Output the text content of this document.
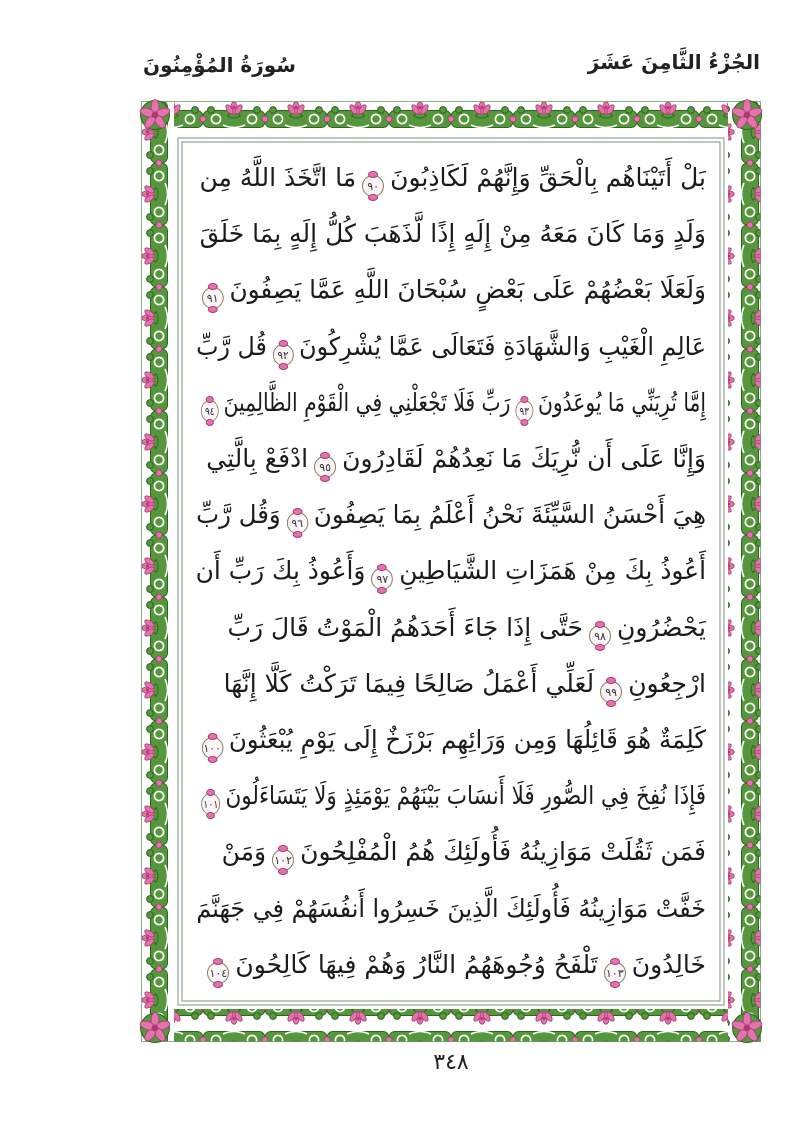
الجُزْءُ الثَّامِنَ عَشَرَ
سُورَةُ المُؤْمِنُونَ
بَلْ أَتَيْنَاهُم بِالْحَقِّ وَإِنَّهُمْ لَكَاذِبُونَ٩٠مَا اتَّخَذَ اللَّهُ مِن
وَلَدٍ وَمَا كَانَ مَعَهُ مِنْ إِلَهٍ إِذًا لَّذَهَبَ كُلُّ إِلَهٍ بِمَا خَلَقَ
وَلَعَلَا بَعْضُهُمْ عَلَى بَعْضٍ سُبْحَانَ اللَّهِ عَمَّا يَصِفُونَ٩١
عَالِمِ الْغَيْبِ وَالشَّهَادَةِ فَتَعَالَى عَمَّا يُشْرِكُونَ٩٢قُل رَّبِّ
إِمَّا تُرِيَنِّي مَا يُوعَدُونَ٩٣رَبِّ فَلَا تَجْعَلْنِي فِي الْقَوْمِ الظَّالِمِينَ٩٤
وَإِنَّا عَلَى أَن نُّرِيَكَ مَا نَعِدُهُمْ لَقَادِرُونَ٩٥ادْفَعْ بِالَّتِي
هِيَ أَحْسَنُ السَّيِّئَةَ نَحْنُ أَعْلَمُ بِمَا يَصِفُونَ٩٦وَقُل رَّبِّ
أَعُوذُ بِكَ مِنْ هَمَزَاتِ الشَّيَاطِينِ٩٧وَأَعُوذُ بِكَ رَبِّ أَن
يَحْضُرُونِ٩٨حَتَّى إِذَا جَاءَ أَحَدَهُمُ الْمَوْتُ قَالَ رَبِّ
ارْجِعُونِ٩٩لَعَلِّي أَعْمَلُ صَالِحًا فِيمَا تَرَكْتُ كَلَّا إِنَّهَا
كَلِمَةٌ هُوَ قَائِلُهَا وَمِن وَرَائِهِم بَرْزَخٌ إِلَى يَوْمِ يُبْعَثُونَ١٠٠
فَإِذَا نُفِخَ فِي الصُّورِ فَلَا أَنسَابَ بَيْنَهُمْ يَوْمَئِذٍ وَلَا يَتَسَاءَلُونَ١٠١
فَمَن ثَقُلَتْ مَوَازِينُهُ فَأُولَئِكَ هُمُ الْمُفْلِحُونَ١٠٢وَمَنْ
خَفَّتْ مَوَازِينُهُ فَأُولَئِكَ الَّذِينَ خَسِرُوا أَنفُسَهُمْ فِي جَهَنَّمَ
خَالِدُونَ١٠٣تَلْفَحُ وُجُوهَهُمُ النَّارُ وَهُمْ فِيهَا كَالِحُونَ١٠٤
٣٤٨
